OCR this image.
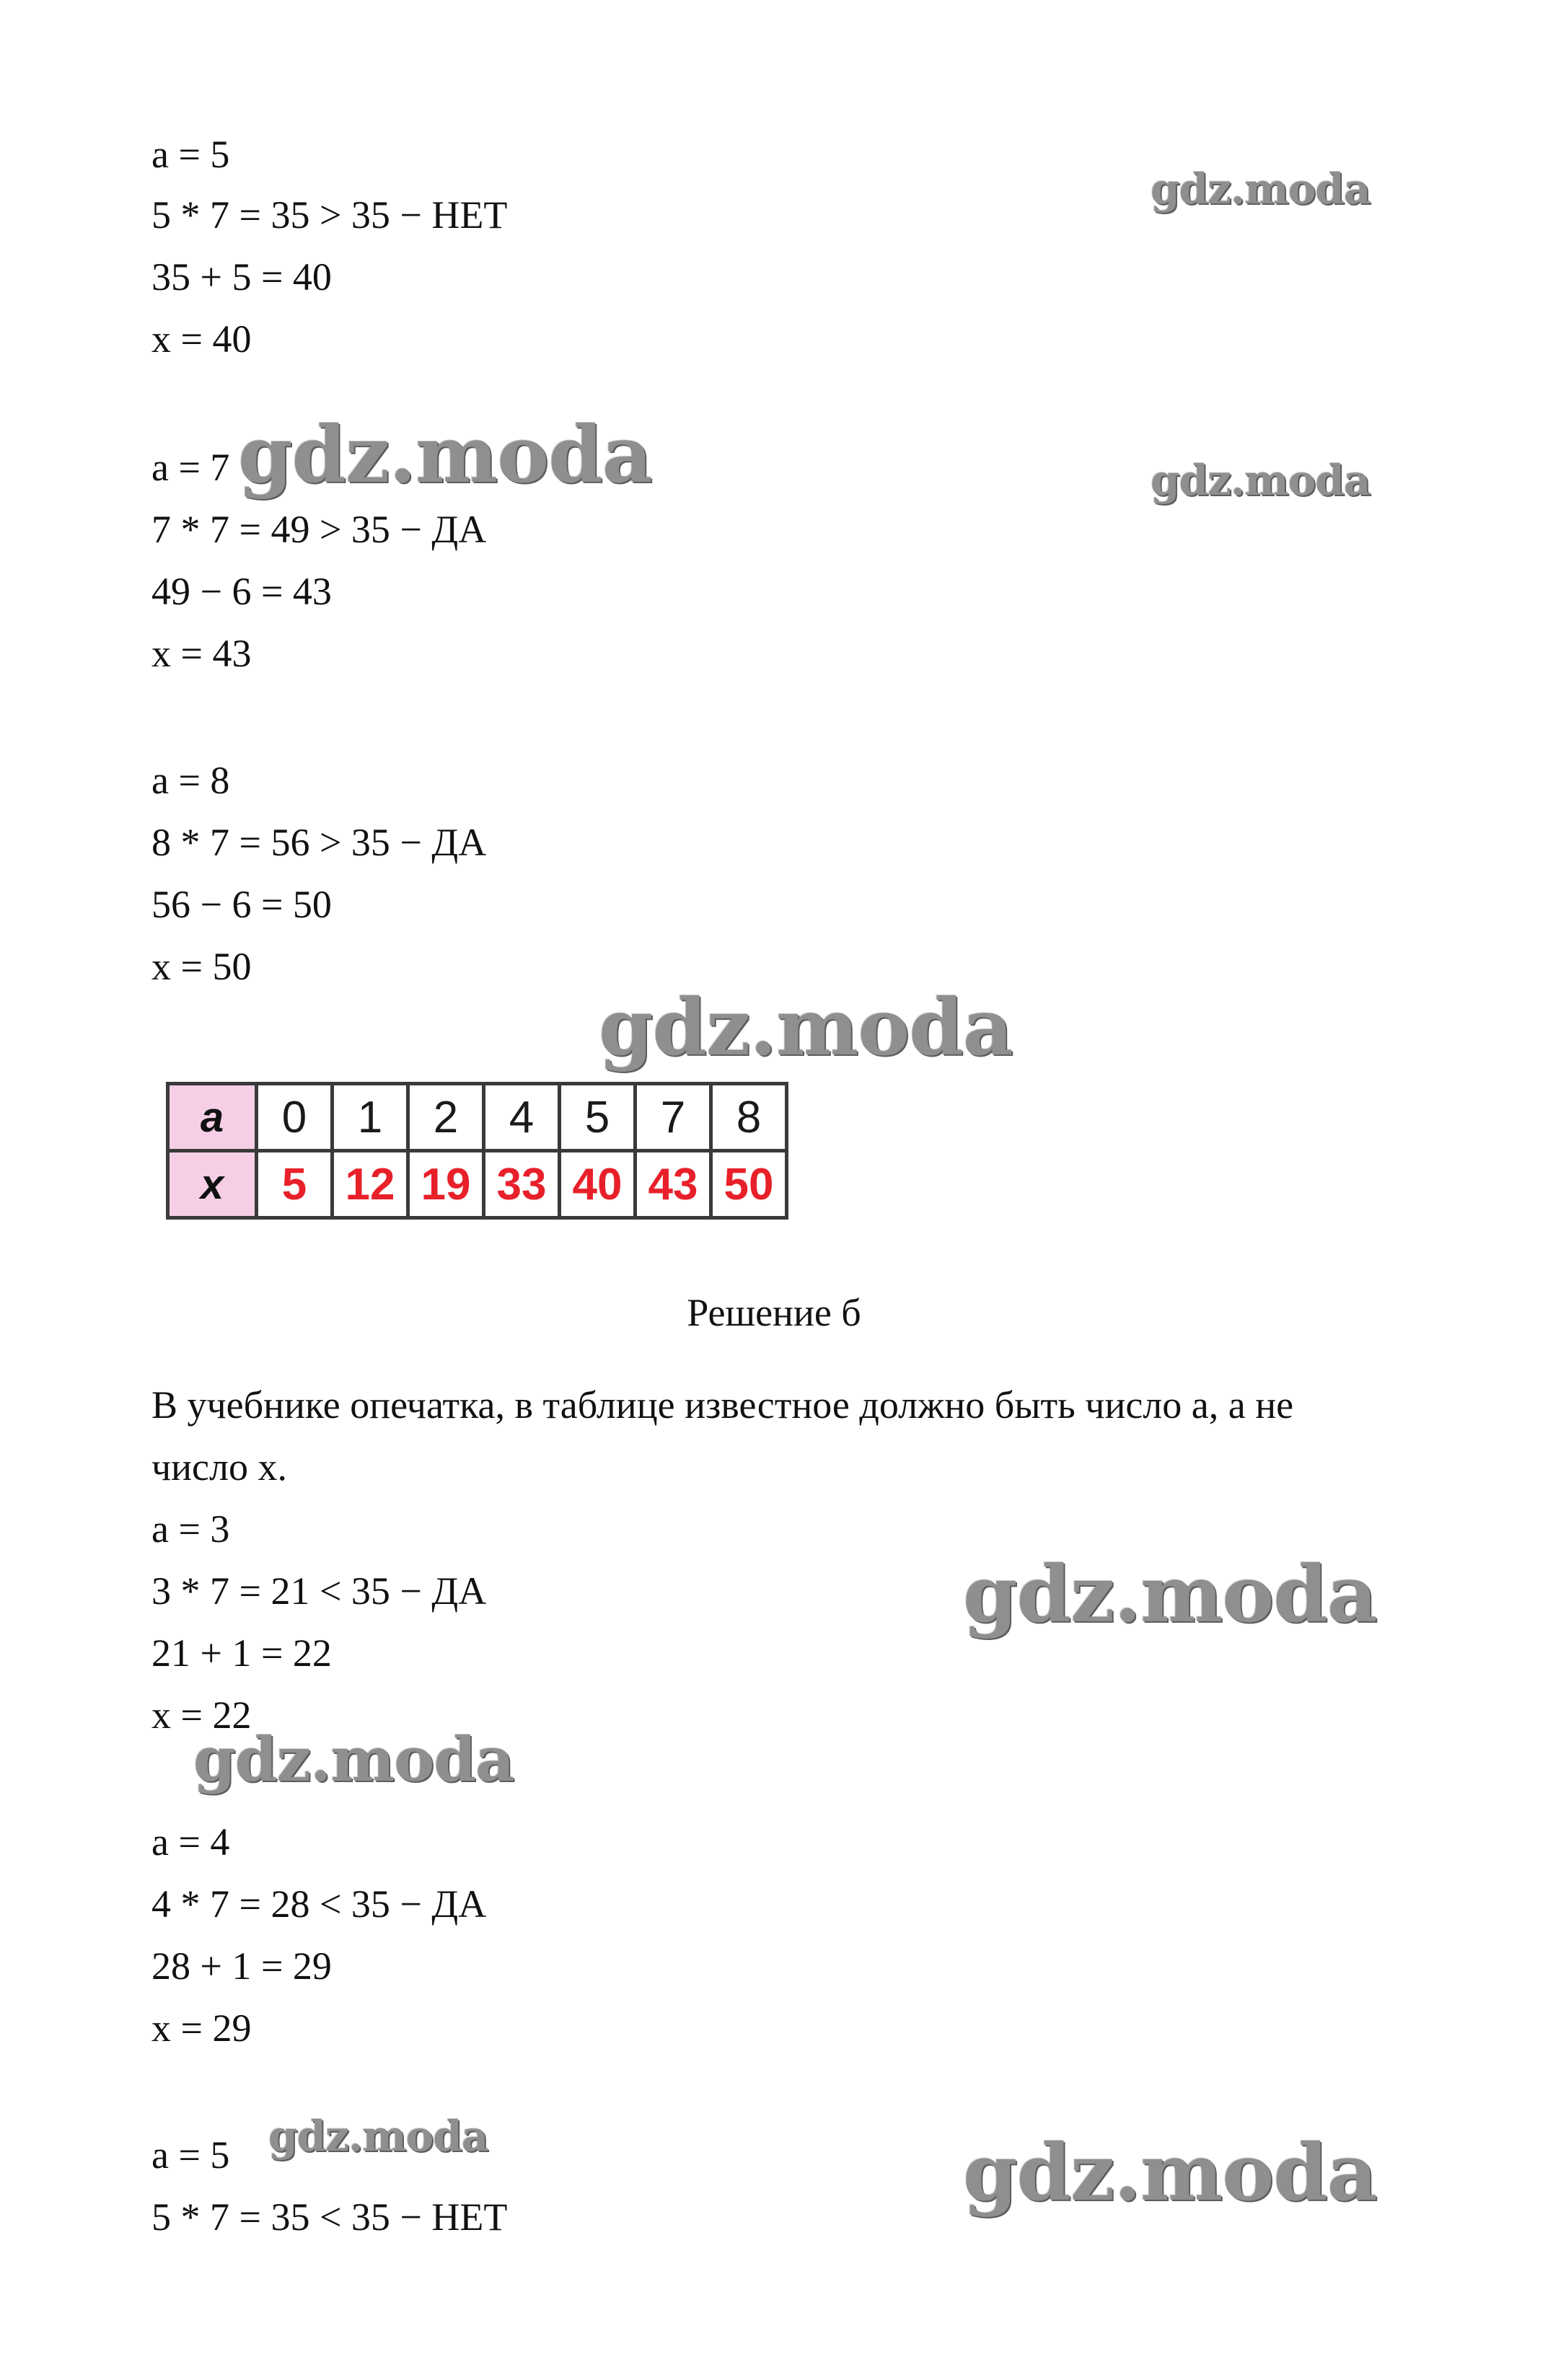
a = 5
5 * 7 = 35 > 35 − НЕТ
35 + 5 = 40
x = 40
a = 7
7 * 7 = 49 > 35 − ДА
49 − 6 = 43
x = 43
a = 8
8 * 7 = 56 > 35 − ДА
56 − 6 = 50
x = 50
a	0	1	2	4	5	7	8
x	5	12	19	33	40	43	50
Решение б
В учебнике опечатка, в таблице известное должно быть число а, а не
число х.
a = 3
3 * 7 = 21 < 35 − ДА
21 + 1 = 22
x = 22
a = 4
4 * 7 = 28 < 35 − ДА
28 + 1 = 29
x = 29
a = 5
5 * 7 = 35 < 35 − НЕТ
gdz.moda
gdz.moda	gdz.moda
gdz.moda
gdz.moda
gdz.moda
gdz.moda	gdz.moda
